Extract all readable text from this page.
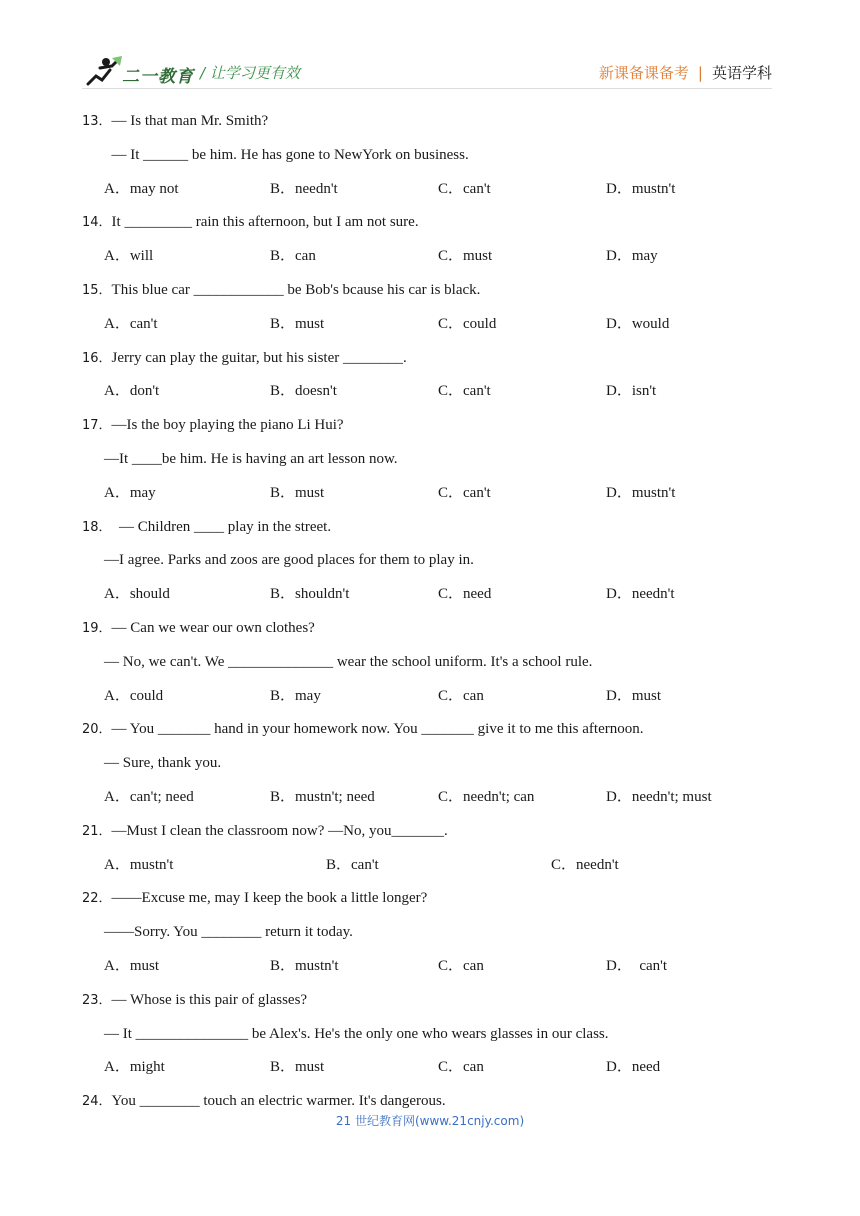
二一教育 / 让学习更有效	新课备课备考 | 英语学科
13．— Is that man Mr. Smith?
— It ______ be him. He has gone to NewYork on business.
A．may not	B．needn't	C．can't	D．mustn't
14．It _________ rain this afternoon, but I am not sure.
A．will	B．can	C．must	D．may
15．This blue car ____________ be Bob's bcause his car is black.
A．can't	B．must	C．could	D．would
16．Jerry can play the guitar, but his sister ________.
A．don't	B．doesn't	C．can't	D．isn't
17．—Is the boy playing the piano Li Hui?
—It ____be him. He is having an art lesson now.
A．may	B．must	C．can't	D．mustn't
18．  — Children ____ play in the street.
—I agree. Parks and zoos are good places for them to play in.
A．should	B．shouldn't	C．need	D．needn't
19．— Can we wear our own clothes?
— No, we can't. We ______________ wear the school uniform. It's a school rule.
A．could	B．may	C．can	D．must
20．— You _______ hand in your homework now. You _______ give it to me this afternoon.
— Sure, thank you.
A．can't; need	B．mustn't; need	C．needn't; can	D．needn't; must
21．—Must I clean the classroom now? —No, you_______.
A．mustn't	B．can't	C．needn't
22．——Excuse me, may I keep the book a little longer?
——Sorry. You ________ return it today.
A．must	B．mustn't	C．can	D．  can't
23．— Whose is this pair of glasses?
— It _______________ be Alex's. He's the only one who wears glasses in our class.
A．might	B．must	C．can	D．need
24．You ________ touch an electric warmer. It's dangerous.
21 世纪教育网(www.21cnjy.com)
